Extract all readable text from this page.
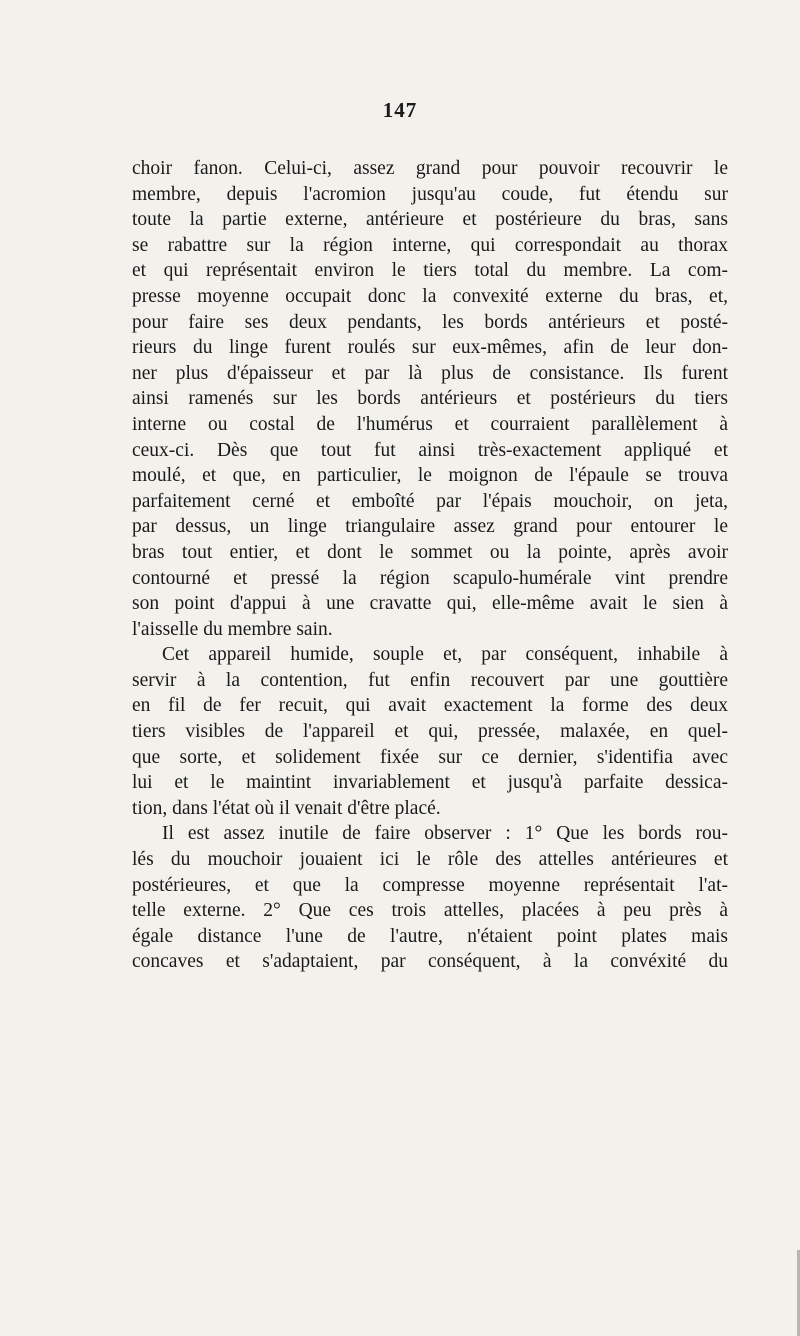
147
choir fanon. Celui-ci, assez grand pour pouvoir recouvrir le
membre, depuis l'acromion jusqu'au coude, fut étendu sur
toute la partie externe, antérieure et postérieure du bras, sans
se rabattre sur la région interne, qui correspondait au thorax
et qui représentait environ le tiers total du membre. La com-
presse moyenne occupait donc la convexité externe du bras, et,
pour faire ses deux pendants, les bords antérieurs et posté-
rieurs du linge furent roulés sur eux-mêmes, afin de leur don-
ner plus d'épaisseur et par là plus de consistance. Ils furent
ainsi ramenés sur les bords antérieurs et postérieurs du tiers
interne ou costal de l'humérus et courraient parallèlement à
ceux-ci. Dès que tout fut ainsi très-exactement appliqué et
moulé, et que, en particulier, le moignon de l'épaule se trouva
parfaitement cerné et emboîté par l'épais mouchoir, on jeta,
par dessus, un linge triangulaire assez grand pour entourer le
bras tout entier, et dont le sommet ou la pointe, après avoir
contourné et pressé la région scapulo-humérale vint prendre
son point d'appui à une cravatte qui, elle-même avait le sien à
l'aisselle du membre sain.
Cet appareil humide, souple et, par conséquent, inhabile à
servir à la contention, fut enfin recouvert par une gouttière
en fil de fer recuit, qui avait exactement la forme des deux
tiers visibles de l'appareil et qui, pressée, malaxée, en quel-
que sorte, et solidement fixée sur ce dernier, s'identifia avec
lui et le maintint invariablement et jusqu'à parfaite dessica-
tion, dans l'état où il venait d'être placé.
Il est assez inutile de faire observer : 1° Que les bords rou-
lés du mouchoir jouaient ici le rôle des attelles antérieures et
postérieures, et que la compresse moyenne représentait l'at-
telle externe. 2° Que ces trois attelles, placées à peu près à
égale distance l'une de l'autre, n'étaient point plates mais
concaves et s'adaptaient, par conséquent, à la convéxité du
